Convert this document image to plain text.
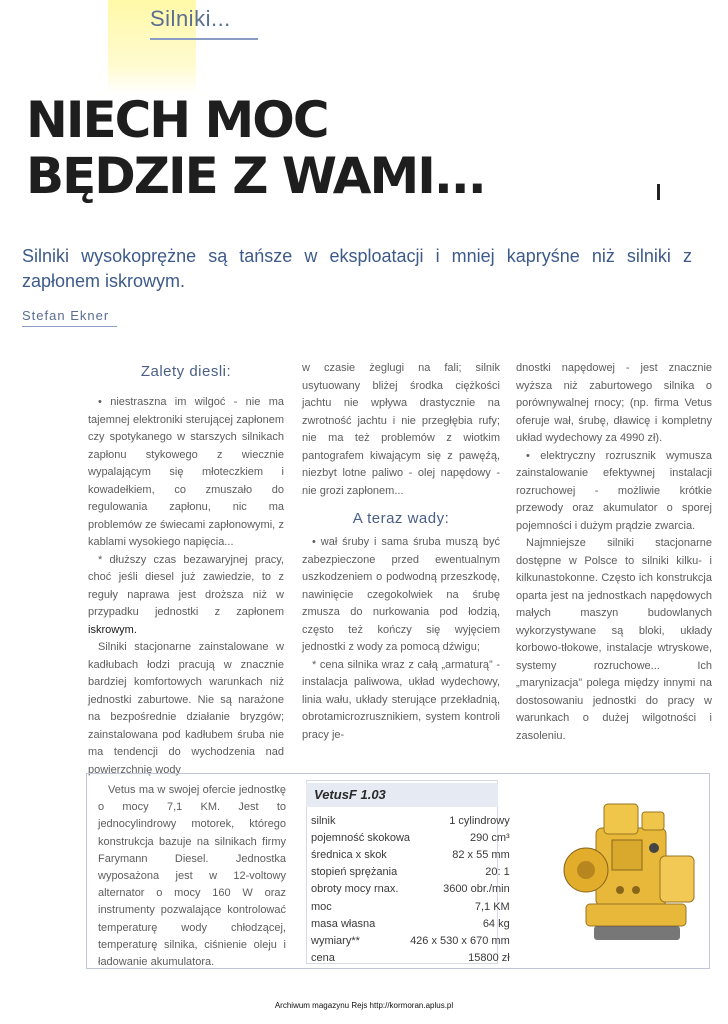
Silniki...
NIECH MOC
BĘDZIE Z WAMI...

Silniki wysokoprężne są tańsze w eksploatacji i mniej kapryśne niż silniki z zapłonem iskrowym.

Stefan Ekner
Zalety diesli:

• niestraszna im wilgoć - nie ma tajemnej elektroniki sterującej zapłonem czy spotykanego w starszych silnikach zapłonu stykowego z wiecznie wypalającym się młoteczkiem i kowadełkiem, co zmuszało do regulowania zapłonu, nic ma problemów ze świecami zapłonowymi, z kablami wysokiego napięcia...

* dłuższy czas bezawaryjnej pracy, choć jeśli diesel już zawiedzie, to z reguły naprawa jest droższa niż w przypadku jednostki z zapłonem iskrowym.

Silniki stacjonarne zainstalowane w kadłubach łodzi pracują w znacznie bardziej komfortowych warunkach niż jednostki zaburtowe. Nie są narażone na bezpośrednie działanie bryzgów; zainstalowana pod kadłubem śruba nie ma tendencji do wychodzenia nad powierzchnię wody

w czasie żeglugi na fali; silnik usytuowany bliżej środka ciężkości jachtu nie wpływa drastycznie na zwrotność jachtu i nie przegłębia rufy; nie ma też problemów z wiotkim pantografem kiwającym się z pawęźą, niezbyt lotne paliwo - olej napędowy - nie grozi zapłonem...

A teraz wady:

• wał śruby i sama śruba muszą być zabezpieczone przed ewentualnym uszkodzeniem o podwodną przeszkodę, nawinięcie czegokolwiek na śrubę zmusza do nurkowania pod łodzią, często też kończy się wyjęciem jednostki z wody za pomocą dźwigu;

* cena silnika wraz z całą „armaturą” - instalacja paliwowa, układ wydechowy, linia wału, układy sterujące przekładnią, obrotamicrozrusznikiem, system kontroli pracy je-

dnostki napędowej - jest znacznie wyższa niż zaburtowego silnika o porównywalnej rnocy; (np. firma Vetus oferuje wał, śrubę, dławicę i kompletny układ wydechowy za 4990 zł).

• elektryczny rozrusznik wymusza zainstalowanie efektywnej instalacji rozruchowej - możliwie krótkie przewody oraz akumulator o sporej pojemności i dużym prądzie zwarcia.

Najmniejsze silniki stacjonarne dostępne w Polsce to silniki kilku- i kilkunastokonne. Często ich konstrukcja oparta jest na jednostkach napędowych małych maszyn budowlanych wykorzystywane są bloki, układy korbowo-tłokowe, instalacje wtryskowe, systemy rozruchowe... Ich „marynizacja” polega między innymi na dostosowaniu jednostki do pracy w warunkach o dużej wilgotności i zasoleniu.

Vetus ma w swojej ofercie jednostkę o mocy 7,1 KM. Jest to jednocylindrowy motorek, którego konstrukcja bazuje na silnikach firmy Farymann Diesel. Jednostka wyposażona jest w 12-voltowy alternator o mocy 160 W oraz instrumenty pozwalające kontrolować temperaturę wody chłodzącej, temperaturę silnika, ciśnienie oleju i ładowanie akumulatora.

VetusF 1.03
silnik	1 cylindrowy
pojemność skokowa	290 cm³
średnica x skok	82 x 55 mm
stopień sprężania	20: 1
obroty mocy rnax.	3600 obr./min
moc	7,1 KM
masa własna	64 kg
wymiary**	426 x 530 x 670 mm
cena	15800 zł
Archiwum magazynu Rejs http://kormoran.aplus.pl
